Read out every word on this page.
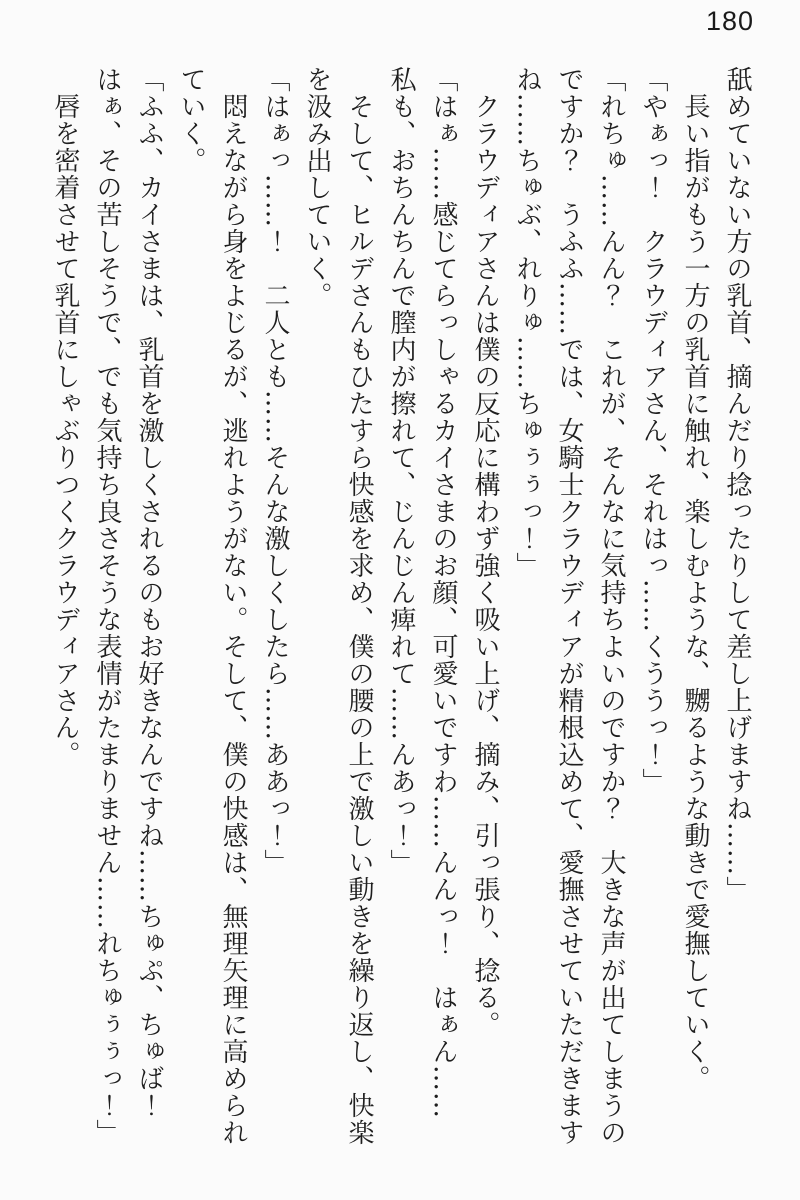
180
舐めていない方の乳首、摘んだり捻ったりして差し上げますね……」
　長い指がもう一方の乳首に触れ、楽しむような、嬲るような動きで愛撫していく。
「やぁっ！　クラウディアさん、それはっ……くううっ！」
「れちゅ……んん？　これが、そんなに気持ちよいのですか？　大きな声が出てしまうの
ですか？　うふふ……では、女騎士クラウディアが精根込めて、愛撫させていただきます
ね……ちゅぶ、れりゅ……ちゅぅぅっ！」
　クラウディアさんは僕の反応に構わず強く吸い上げ、摘み、引っ張り、捻る。
「はぁ……感じてらっしゃるカイさまのお顔、可愛いですわ……んんっ！　はぁん……
私も、おちんちんで膣内が擦れて、じんじん痺れて……んあっ！」
　そして、ヒルデさんもひたすら快感を求め、僕の腰の上で激しい動きを繰り返し、快楽
を汲み出していく。
「はぁっ……！　二人とも……そんな激しくしたら……ああっ！」
　悶えながら身をよじるが、逃れようがない。そして、僕の快感は、無理矢理に高められ
ていく。
「ふふ、カイさまは、乳首を激しくされるのもお好きなんですね……ちゅぷ、ちゅば！
はぁ、その苦しそうで、でも気持ち良さそうな表情がたまりません……れちゅぅぅっ！」
　唇を密着させて乳首にしゃぶりつくクラウディアさん。
